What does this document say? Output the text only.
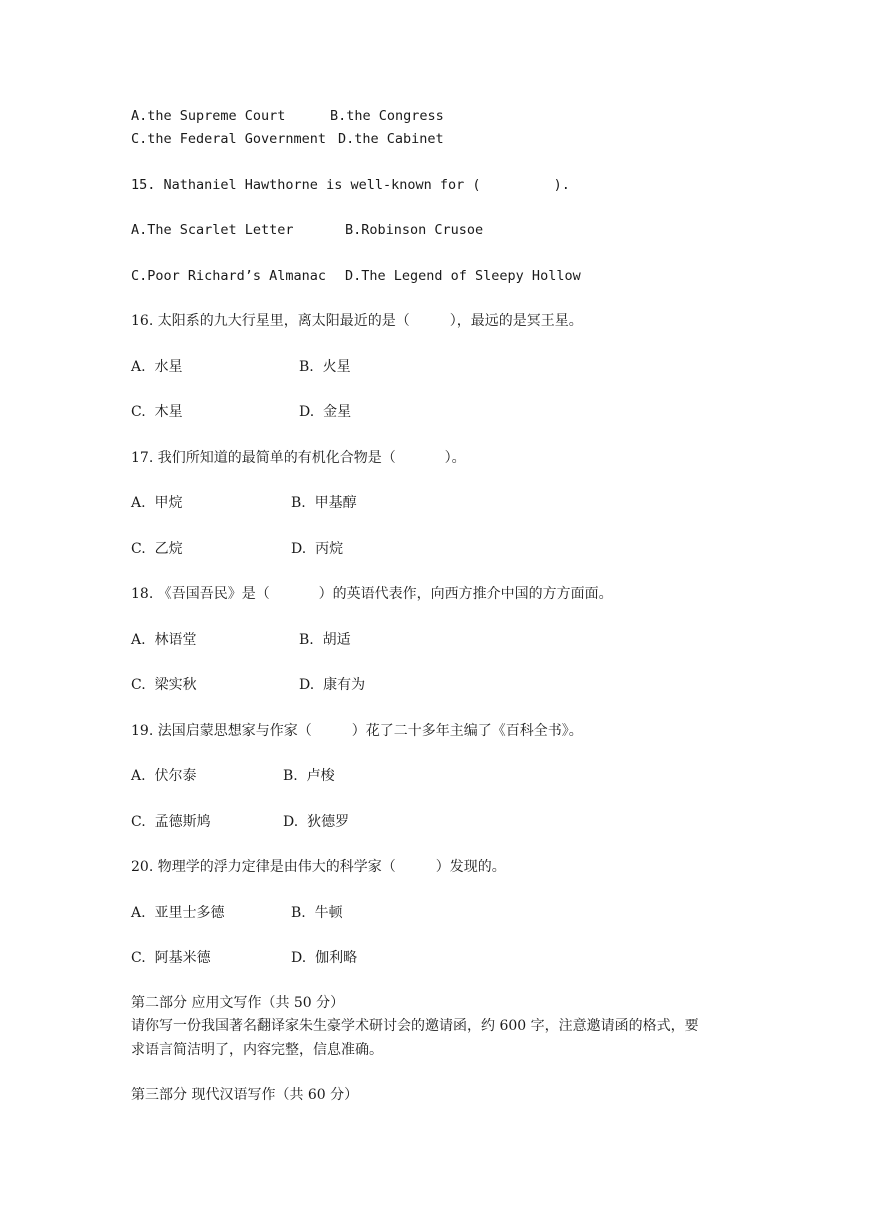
A.the Supreme Court	B.the Congress
C.the Federal Government D.the Cabinet
15. Nathaniel Hawthorne is well-known for (         ).
A.The Scarlet Letter	B.Robinson Crusoe
C.Poor Richard’s Almanac D.The Legend of Sleepy Hollow
16. 太阳系的九大行星里，离太阳最近的是（         ），最远的是冥王星。
A.  水星	B.  火星
C.  木星	D.  金星
17. 我们所知道的最简单的有机化合物是（           ）。
A.  甲烷	B.  甲基醇
C.  乙烷	D.  丙烷
18. 《吾国吾民》是（           ）的英语代表作，向西方推介中国的方方面面。
A.  林语堂	B.  胡适
C.  梁实秋	D.  康有为
19. 法国启蒙思想家与作家（         ）花了二十多年主编了《百科全书》。
A.  伏尔泰	B.  卢梭
C.  孟德斯鸠	D.  狄德罗
20. 物理学的浮力定律是由伟大的科学家（         ）发现的。
A.  亚里士多德	B.  牛顿
C.  阿基米德	D.  伽利略
第二部分 应用文写作（共 50 分）
请你写一份我国著名翻译家朱生豪学术研讨会的邀请函，约 600 字，注意邀请函的格式，要
求语言简洁明了，内容完整，信息准确。
第三部分 现代汉语写作（共 60 分）
